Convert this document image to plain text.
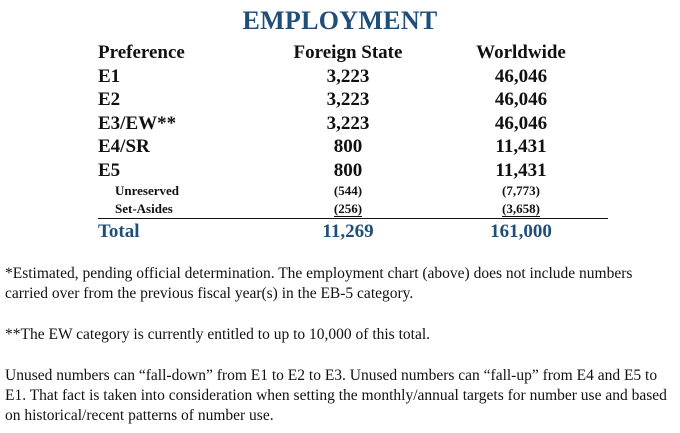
EMPLOYMENT
Preference	Foreign State	Worldwide
E1	3,223	46,046
E2	3,223	46,046
E3/EW**	3,223	46,046
E4/SR	800	11,431
E5	800	11,431
Unreserved	(544)	(7,773)
Set-Asides	(256)	(3,658)
Total	11,269	161,000
*Estimated, pending official determination. The employment chart (above) does not include numbers carried over from the previous fiscal year(s) in the EB-5 category.
**The EW category is currently entitled to up to 10,000 of this total.
Unused numbers can “fall-down” from E1 to E2 to E3. Unused numbers can “fall-up” from E4 and E5 to E1. That fact is taken into consideration when setting the monthly/annual targets for number use and based on historical/recent patterns of number use.
